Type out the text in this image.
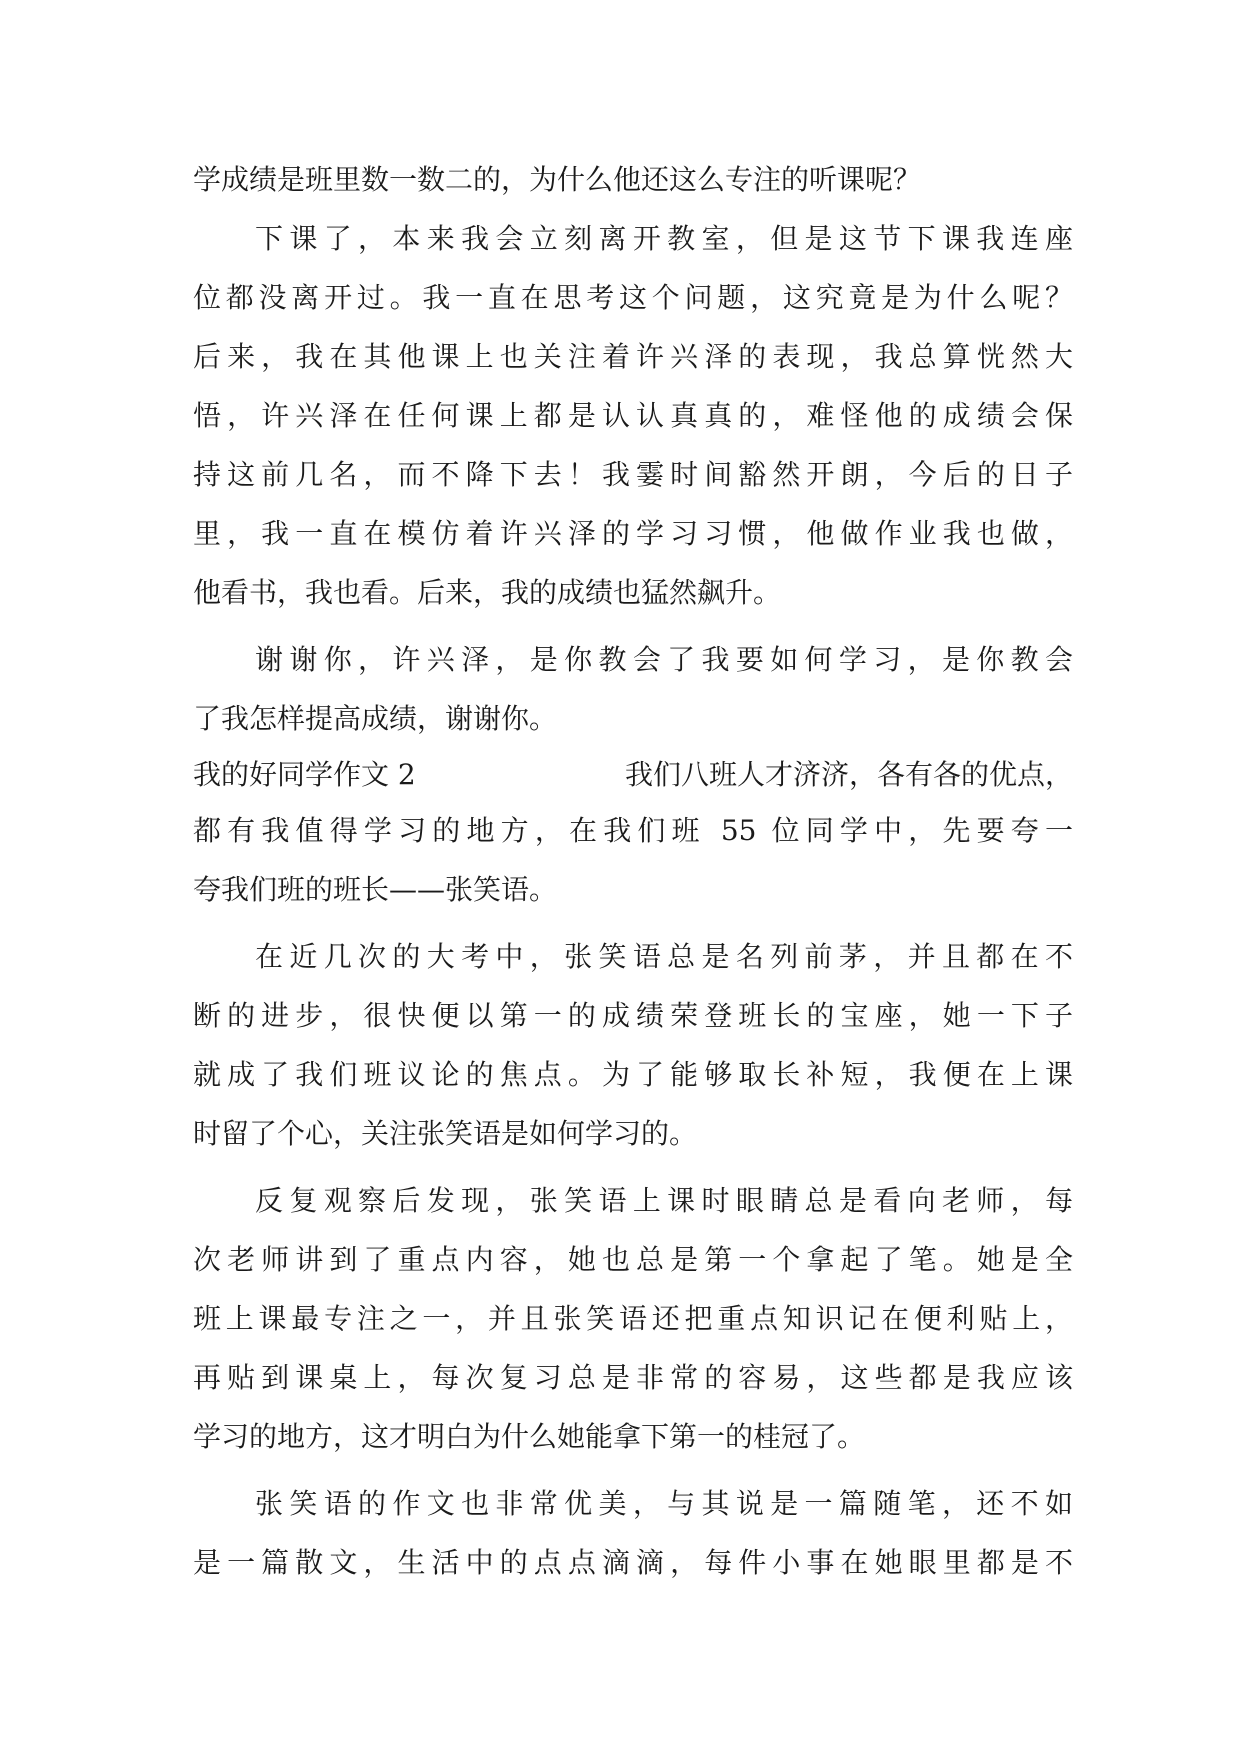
学成绩是班里数一数二的，为什么他还这么专注的听课呢？
下课了，本来我会立刻离开教室，但是这节下课我连座
位都没离开过。我一直在思考这个问题，这究竟是为什么呢？
后来，我在其他课上也关注着许兴泽的表现，我总算恍然大
悟，许兴泽在任何课上都是认认真真的，难怪他的成绩会保
持这前几名，而不降下去！我霎时间豁然开朗，今后的日子
里，我一直在模仿着许兴泽的学习习惯，他做作业我也做，
他看书，我也看。后来，我的成绩也猛然飙升。
谢谢你，许兴泽，是你教会了我要如何学习，是你教会
了我怎样提高成绩，谢谢你。
我的好同学作文 2	我们八班人才济济，各有各的优点，
都有我值得学习的地方，在我们班 55 位同学中，先要夸一
夸我们班的班长——张笑语。
在近几次的大考中，张笑语总是名列前茅，并且都在不
断的进步，很快便以第一的成绩荣登班长的宝座，她一下子
就成了我们班议论的焦点。为了能够取长补短，我便在上课
时留了个心，关注张笑语是如何学习的。
反复观察后发现，张笑语上课时眼睛总是看向老师，每
次老师讲到了重点内容，她也总是第一个拿起了笔。她是全
班上课最专注之一，并且张笑语还把重点知识记在便利贴上，
再贴到课桌上，每次复习总是非常的容易，这些都是我应该
学习的地方，这才明白为什么她能拿下第一的桂冠了。
张笑语的作文也非常优美，与其说是一篇随笔，还不如
是一篇散文，生活中的点点滴滴，每件小事在她眼里都是不
